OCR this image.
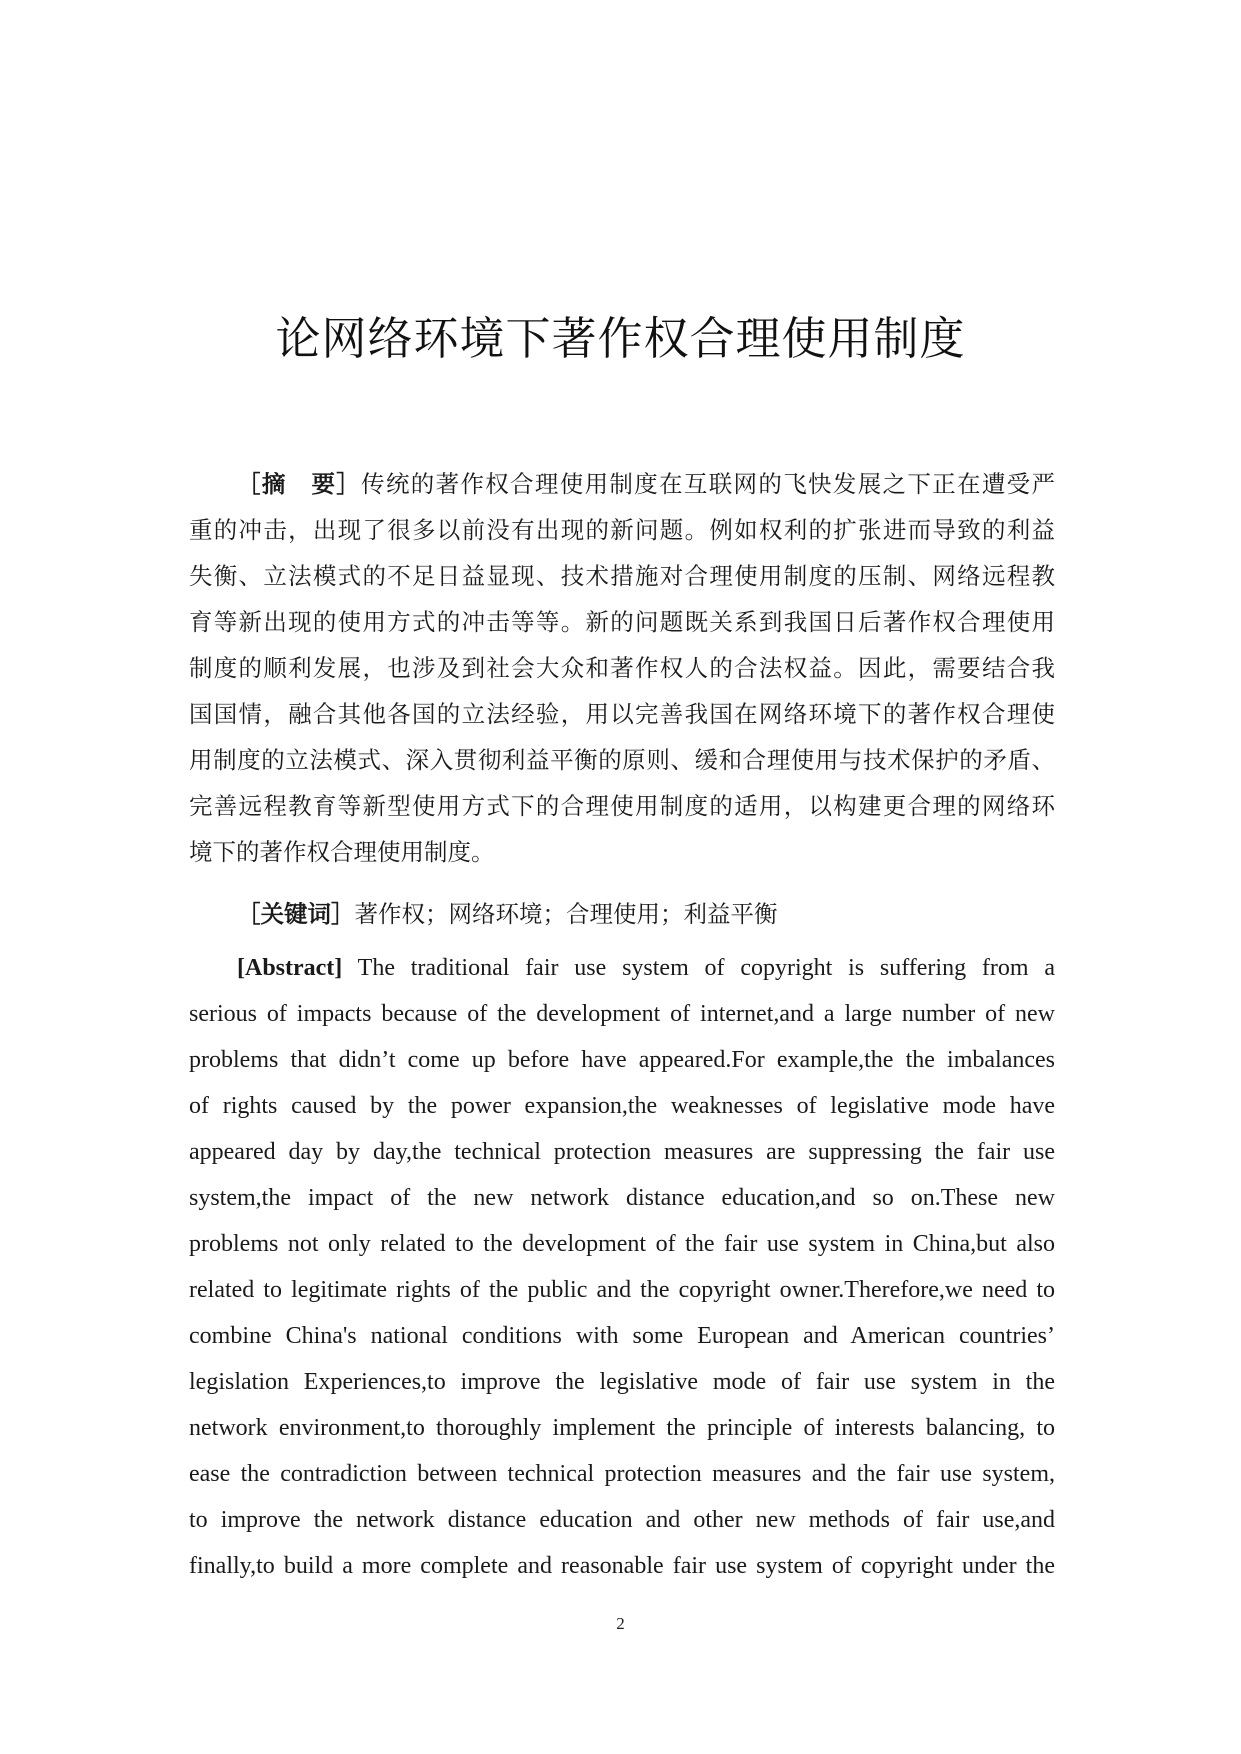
论网络环境下著作权合理使用制度
［摘　要］传统的著作权合理使用制度在互联网的飞快发展之下正在遭受严
重的冲击，出现了很多以前没有出现的新问题。例如权利的扩张进而导致的利益
失衡、立法模式的不足日益显现、技术措施对合理使用制度的压制、网络远程教
育等新出现的使用方式的冲击等等。新的问题既关系到我国日后著作权合理使用
制度的顺利发展，也涉及到社会大众和著作权人的合法权益。因此，需要结合我
国国情，融合其他各国的立法经验，用以完善我国在网络环境下的著作权合理使
用制度的立法模式、深入贯彻利益平衡的原则、缓和合理使用与技术保护的矛盾、
完善远程教育等新型使用方式下的合理使用制度的适用，以构建更合理的网络环
境下的著作权合理使用制度。
［关键词］著作权；网络环境；合理使用；利益平衡
[Abstract] The traditional fair use system of copyright is suffering from a
serious of impacts because of the development of internet,and a large number of new
problems that didn’t come up before have appeared.For example,the the imbalances
of rights caused by the power expansion,the weaknesses of legislative mode have
appeared day by day,the technical protection measures are suppressing the fair use
system,the impact of the new network distance education,and so on.These new
problems not only related to the development of the fair use system in China,but also
related to legitimate rights of the public and the copyright owner.Therefore,we need to
combine China's national conditions with some European and American countries’
legislation Experiences,to improve the legislative mode of fair use system in the
network environment,to thoroughly implement the principle of interests balancing, to
ease the contradiction between technical protection measures and the fair use system,
to improve the network distance education and other new methods of fair use,and
finally,to build a more complete and reasonable fair use system of copyright under the
2
